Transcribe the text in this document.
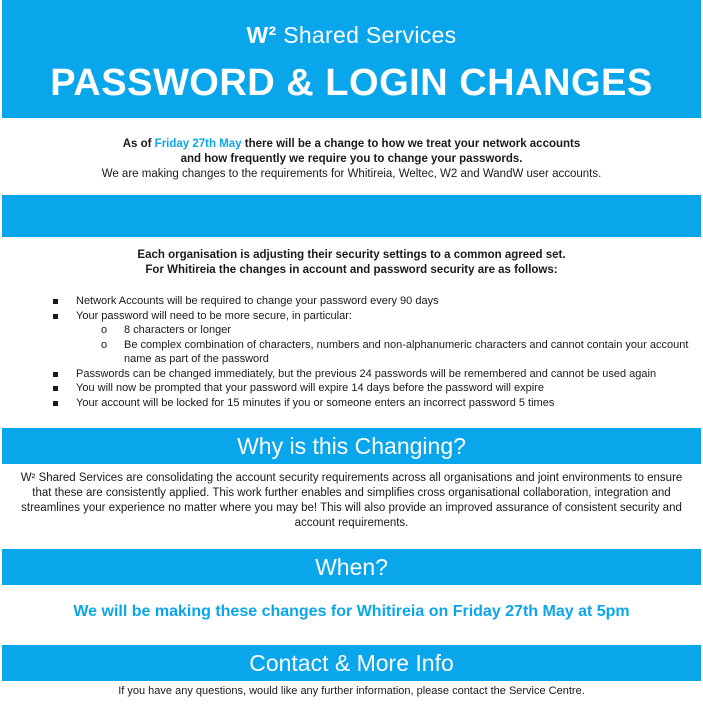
W² Shared Services
PASSWORD & LOGIN CHANGES
As of Friday 27th May there will be a change to how we treat your network accounts
and how frequently we require you to change your passwords.
We are making changes to the requirements for Whitireia, Weltec, W2 and WandW user accounts.
Each organisation is adjusting their security settings to a common agreed set.
For Whitireia the changes in account and password security are as follows:
Network Accounts will be required to change your password every 90 days
Your password will need to be more secure, in particular:
o 8 characters or longer
o Be complex combination of characters, numbers and non-alphanumeric characters and cannot contain your account name as part of the password
Passwords can be changed immediately, but the previous 24 passwords will be remembered and cannot be used again
You will now be prompted that your password will expire 14 days before the password will expire
Your account will be locked for 15 minutes if you or someone enters an incorrect password 5 times
Why is this Changing?
W² Shared Services are consolidating the account security requirements across all organisations and joint environments to ensure that these are consistently applied. This work further enables and simplifies cross organisational collaboration, integration and streamlines your experience no matter where you may be! This will also provide an improved assurance of consistent security and account requirements.
When?
We will be making these changes for Whitireia on Friday 27th May at 5pm
Contact & More Info
If you have any questions, would like any further information, please contact the Service Centre.
